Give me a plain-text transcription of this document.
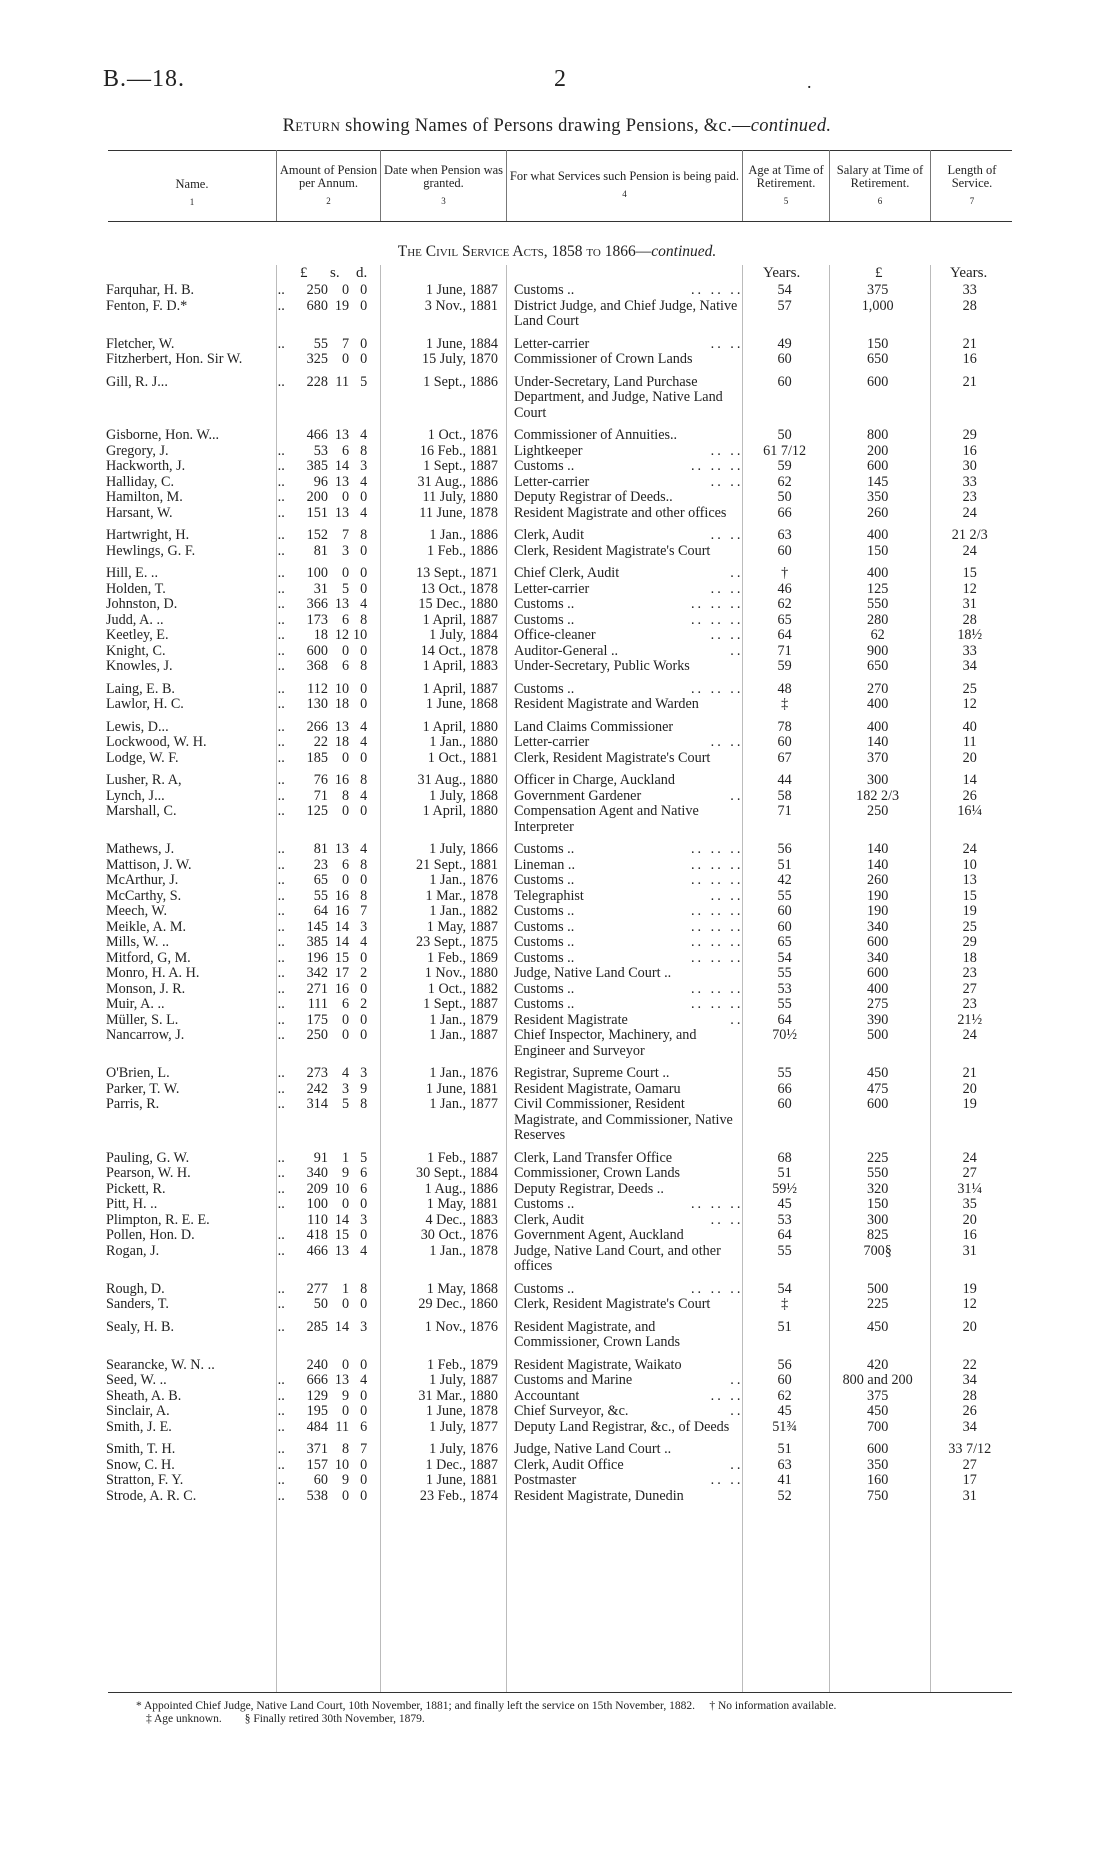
B.—18.	2	.
Return showing Names of Persons drawing Pensions, &c.—continued.
Name.
1
Amount of Pension per Annum.
2
Date when Pension was granted.
3
For what Services such Pension is being paid.
4
Age at Time of Retirement.
5
Salary at Time of Retirement.
6
Length of Service.
7
The Civil Service Acts, 1858 to 1866—continued.
£ s. d.	Years.	£	Years.
Farquhar, H. B.	..	250	0	0	1 June, 1887	Customs .. .. .. ..	54	375	33
Fenton, F. D.*	..	680	19	0	3 Nov., 1881	District Judge, and Chief Judge, Native Land Court	57	1,000	28
Fletcher, W.	..	55	7	0	1 June, 1884	Letter-carrier .. ..	49	150	21
Fitzherbert, Hon. Sir W.		325	0	0	15 July, 1870	Commissioner of Crown Lands	60	650	16
Gill, R. J...	..	228	11	5	1 Sept., 1886	Under-Secretary, Land Purchase Department, and Judge, Native Land Court	60	600	21
Gisborne, Hon. W...		466	13	4	1 Oct., 1876	Commissioner of Annuities..	50	800	29
Gregory, J.	..	53	6	8	16 Feb., 1881	Lightkeeper .. ..	61 7/12	200	16
Hackworth, J.	..	385	14	3	1 Sept., 1887	Customs .. .. .. ..	59	600	30
Halliday, C.	..	96	13	4	31 Aug., 1886	Letter-carrier .. ..	62	145	33
Hamilton, M.	..	200	0	0	11 July, 1880	Deputy Registrar of Deeds..	50	350	23
Harsant, W.	..	151	13	4	11 June, 1878	Resident Magistrate and other offices	66	260	24
Hartwright, H.	..	152	7	8	1 Jan., 1886	Clerk, Audit .. ..	63	400	21 2/3
Hewlings, G. F.	..	81	3	0	1 Feb., 1886	Clerk, Resident Magistrate's Court	60	150	24
Hill, E. ..	..	100	0	0	13 Sept., 1871	Chief Clerk, Audit ..	†	400	15
Holden, T.	..	31	5	0	13 Oct., 1878	Letter-carrier .. ..	46	125	12
Johnston, D.	..	366	13	4	15 Dec., 1880	Customs .. .. .. ..	62	550	31
Judd, A. ..	..	173	6	8	1 April, 1887	Customs .. .. .. ..	65	280	28
Keetley, E.	..	18	12	10	1 July, 1884	Office-cleaner .. ..	64	62	18½
Knight, C.	..	600	0	0	14 Oct., 1878	Auditor-General .. ..	71	900	33
Knowles, J.	..	368	6	8	1 April, 1883	Under-Secretary, Public Works	59	650	34
Laing, E. B.	..	112	10	0	1 April, 1887	Customs .. .. .. ..	48	270	25
Lawlor, H. C.	..	130	18	0	1 June, 1868	Resident Magistrate and Warden	‡	400	12
Lewis, D...	..	266	13	4	1 April, 1880	Land Claims Commissioner	78	400	40
Lockwood, W. H.	..	22	18	4	1 Jan., 1880	Letter-carrier .. ..	60	140	11
Lodge, W. F.	..	185	0	0	1 Oct., 1881	Clerk, Resident Magistrate's Court	67	370	20
Lusher, R. A,	..	76	16	8	31 Aug., 1880	Officer in Charge, Auckland	44	300	14
Lynch, J...	..	71	8	4	1 July, 1868	Government Gardener ..	58	182 2/3	26
Marshall, C.	..	125	0	0	1 April, 1880	Compensation Agent and Native Interpreter	71	250	16¼
Mathews, J.	..	81	13	4	1 July, 1866	Customs .. .. .. ..	56	140	24
Mattison, J. W.	..	23	6	8	21 Sept., 1881	Lineman .. .. .. ..	51	140	10
McArthur, J.	..	65	0	0	1 Jan., 1876	Customs .. .. .. ..	42	260	13
McCarthy, S.	..	55	16	8	1 Mar., 1878	Telegraphist .. ..	55	190	15
Meech, W.	..	64	16	7	1 Jan., 1882	Customs .. .. .. ..	60	190	19
Meikle, A. M.	..	145	14	3	1 May, 1887	Customs .. .. .. ..	60	340	25
Mills, W. ..	..	385	14	4	23 Sept., 1875	Customs .. .. .. ..	65	600	29
Mitford, G, M.	..	196	15	0	1 Feb., 1869	Customs .. .. .. ..	54	340	18
Monro, H. A. H.	..	342	17	2	1 Nov., 1880	Judge, Native Land Court ..	55	600	23
Monson, J. R.	..	271	16	0	1 Oct., 1882	Customs .. .. .. ..	53	400	27
Muir, A. ..	..	111	6	2	1 Sept., 1887	Customs .. .. .. ..	55	275	23
Müller, S. L.	..	175	0	0	1 Jan., 1879	Resident Magistrate ..	64	390	21½
Nancarrow, J.	..	250	0	0	1 Jan., 1887	Chief Inspector, Machinery, and Engineer and Surveyor	70½	500	24
O'Brien, L.	..	273	4	3	1 Jan., 1876	Registrar, Supreme Court ..	55	450	21
Parker, T. W.	..	242	3	9	1 June, 1881	Resident Magistrate, Oamaru	66	475	20
Parris, R.	..	314	5	8	1 Jan., 1877	Civil Commissioner, Resident Magistrate, and Commissioner, Native Reserves	60	600	19
Pauling, G. W.	..	91	1	5	1 Feb., 1887	Clerk, Land Transfer Office	68	225	24
Pearson, W. H.	..	340	9	6	30 Sept., 1884	Commissioner, Crown Lands	51	550	27
Pickett, R.	..	209	10	6	1 Aug., 1886	Deputy Registrar, Deeds ..	59½	320	31¼
Pitt, H. ..	..	100	0	0	1 May, 1881	Customs .. .. .. ..	45	150	35
Plimpton, R. E. E.		110	14	3	4 Dec., 1883	Clerk, Audit .. ..	53	300	20
Pollen, Hon. D.	..	418	15	0	30 Oct., 1876	Government Agent, Auckland	64	825	16
Rogan, J.	..	466	13	4	1 Jan., 1878	Judge, Native Land Court, and other offices	55	700§	31
Rough, D.	..	277	1	8	1 May, 1868	Customs .. .. .. ..	54	500	19
Sanders, T.	..	50	0	0	29 Dec., 1860	Clerk, Resident Magistrate's Court	‡	225	12
Sealy, H. B.	..	285	14	3	1 Nov., 1876	Resident Magistrate, and Commissioner, Crown Lands	51	450	20
Searancke, W. N. ..		240	0	0	1 Feb., 1879	Resident Magistrate, Waikato	56	420	22
Seed, W. ..	..	666	13	4	1 July, 1887	Customs and Marine ..	60	800 and 200	34
Sheath, A. B.	..	129	9	0	31 Mar., 1880	Accountant .. ..	62	375	28
Sinclair, A.	..	195	0	0	1 June, 1878	Chief Surveyor, &c. ..	45	450	26
Smith, J. E.	..	484	11	6	1 July, 1877	Deputy Land Registrar, &c., of Deeds	51¾	700	34
Smith, T. H.	..	371	8	7	1 July, 1876	Judge, Native Land Court ..	51	600	33 7/12
Snow, C. H.	..	157	10	0	1 Dec., 1887	Clerk, Audit Office ..	63	350	27
Stratton, F. Y.	..	60	9	0	1 June, 1881	Postmaster .. ..	41	160	17
Strode, A. R. C.	..	538	0	0	23 Feb., 1874	Resident Magistrate, Dunedin	52	750	31
* Appointed Chief Judge, Native Land Court, 10th November, 1881; and finally left the service on 15th November, 1882. † No information available.
‡ Age unknown. § Finally retired 30th November, 1879.
